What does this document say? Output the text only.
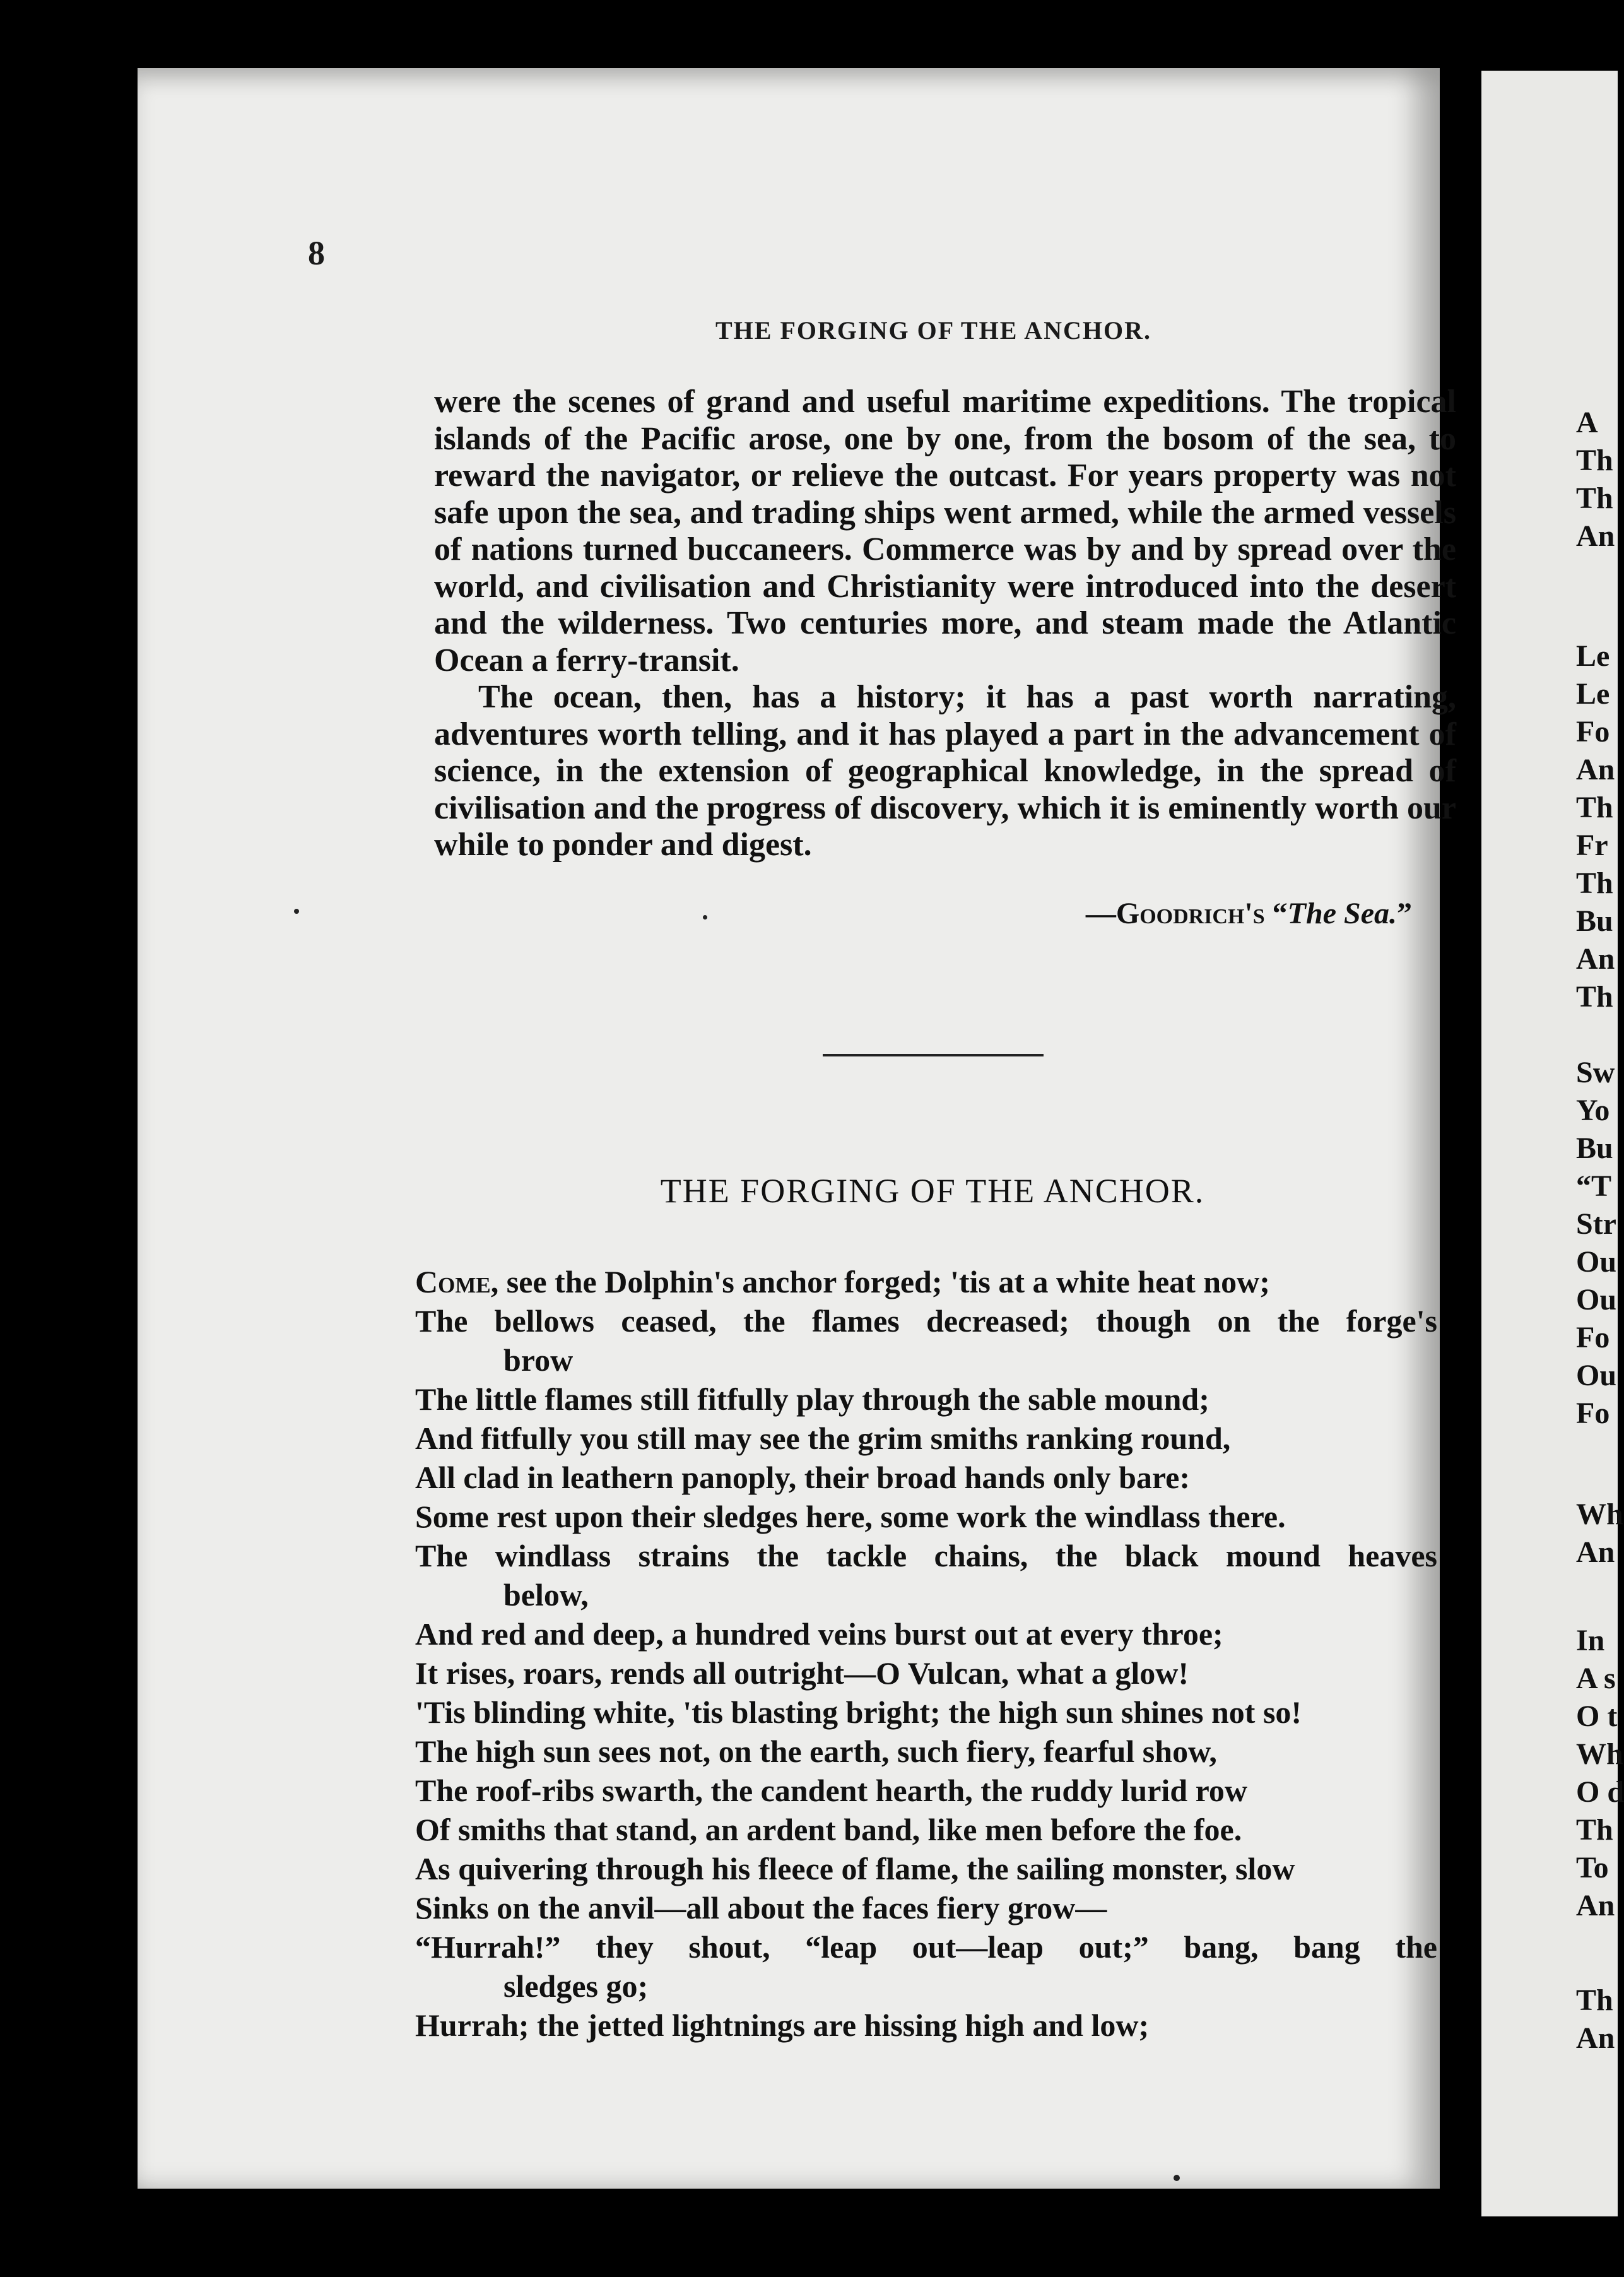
8

THE FORGING OF THE ANCHOR.

were the scenes of grand and useful maritime expeditions. The tropical islands of the Pacific arose, one by one, from the bosom of the sea, to reward the navigator, or relieve the outcast. For years property was not safe upon the sea, and trading ships went armed, while the armed vessels of nations turned buccaneers. Commerce was by and by spread over the world, and civilisation and Christianity were introduced into the desert and the wilderness. Two centuries more, and steam made the Atlantic Ocean a ferry-transit.

The ocean, then, has a history; it has a past worth narrating, adventures worth telling, and it has played a part in the advancement of science, in the extension of geographical knowledge, in the spread of civilisation and the progress of discovery, which it is eminently worth our while to ponder and digest.

—Goodrich's “The Sea.”

THE FORGING OF THE ANCHOR.

Come, see the Dolphin's anchor forged; 'tis at a white heat now;

The bellows ceased, the flames decreased; though on the forge's

brow

The little flames still fitfully play through the sable mound;

And fitfully you still may see the grim smiths ranking round,

All clad in leathern panoply, their broad hands only bare:

Some rest upon their sledges here, some work the windlass there.

The windlass strains the tackle chains, the black mound heaves

below,

And red and deep, a hundred veins burst out at every throe;

It rises, roars, rends all outright—O Vulcan, what a glow!

'Tis blinding white, 'tis blasting bright; the high sun shines not so!

The high sun sees not, on the earth, such fiery, fearful show,

The roof-ribs swarth, the candent hearth, the ruddy lurid row

Of smiths that stand, an ardent band, like men before the foe.

As quivering through his fleece of flame, the sailing monster, slow

Sinks on the anvil—all about the faces fiery grow—

“Hurrah!” they shout, “leap out—leap out;” bang, bang the

sledges go;

Hurrah; the jetted lightnings are hissing high and low;

A
Th
Th
An
Le
Le
Fo
An
Th
Fr
Th
Bu
An
Th
Sw
Yo
Bu
“T
Str
Ou
Ou
Fo
Ou
Fo
Wh
An
In
A s
O t
Wh
O d
Th
To
An
Th
An
